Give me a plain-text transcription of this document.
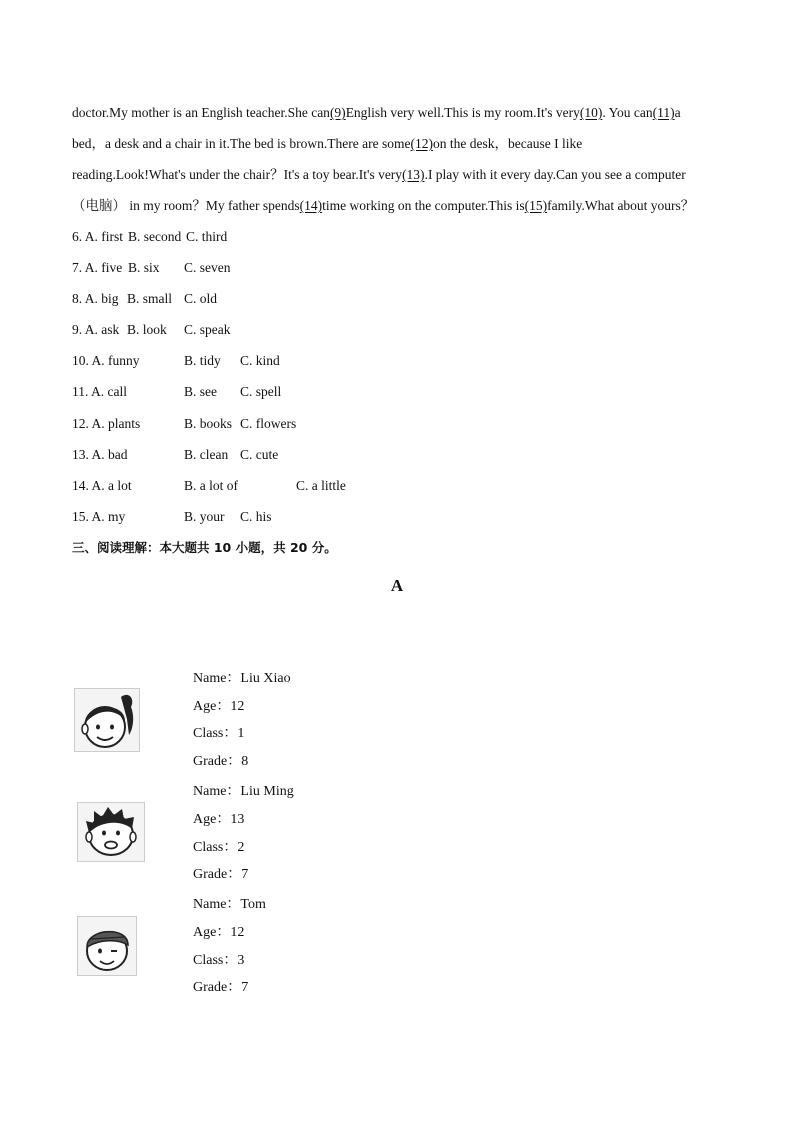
doctor.My mother is an English teacher.She can(9)English very well.This is my room.It's very(10). You can(11)a
bed，a desk and a chair in it.The bed is brown.There are some(12)on the desk，because I like
reading.Look!What's under the chair？It's a toy bear.It's very(13).I play with it every day.Can you see a computer
（电脑） in my room？My father spends(14)time working on the computer.This is(15)family.What about yours？
6. A. first B. second C. third
7. A. five B. six C. seven
8. A. big B. small C. old
9. A. ask B. look C. speak
10. A. funny	B. tidy C. kind
11. A. call	B. see C. spell
12. A. plants	B. books C. flowers
13. A. bad	B. clean C. cute
14. A. a lot	B. a lot of	C. a little
15. A. my	B. your C. his
三、阅读理解：本大题共 10 小题，共 20 分。
A
Name：Liu Xiao
Age：12
Class：1
Grade：8
Name：Liu Ming
Age：13
Class：2
Grade：7
Name：Tom
Age：12
Class：3
Grade：7
